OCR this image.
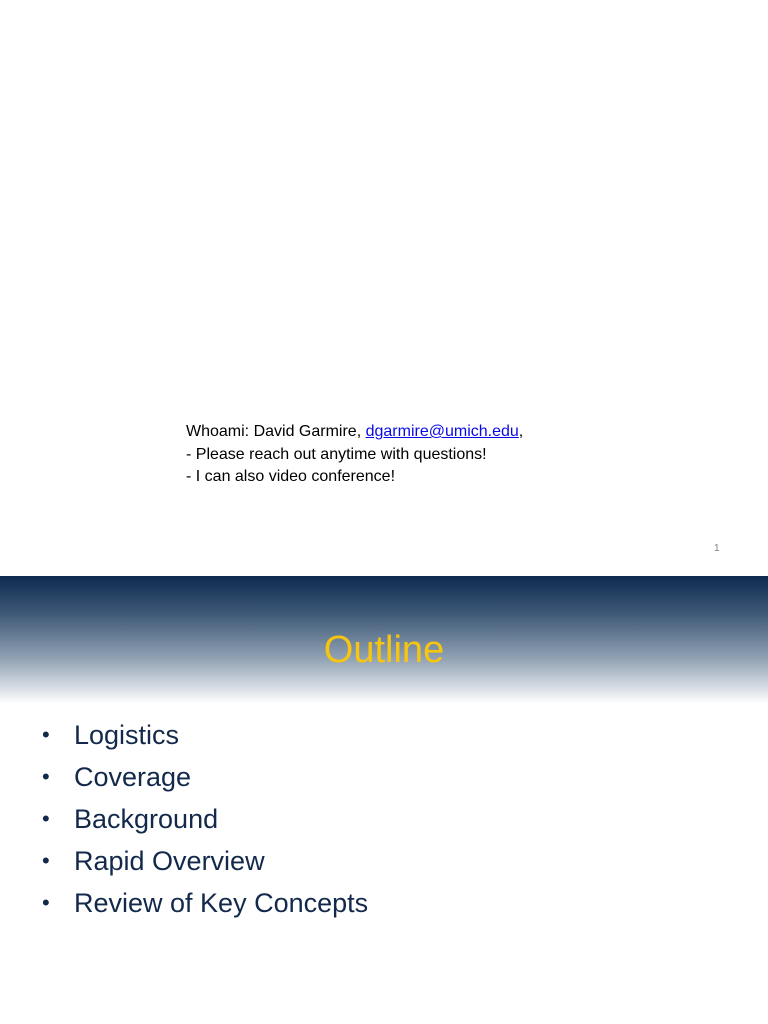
Whoami: David Garmire, dgarmire@umich.edu,
- Please reach out anytime with questions!
- I can also video conference!
1
Outline
• Logistics
• Coverage
• Background
• Rapid Overview
• Review of Key Concepts
